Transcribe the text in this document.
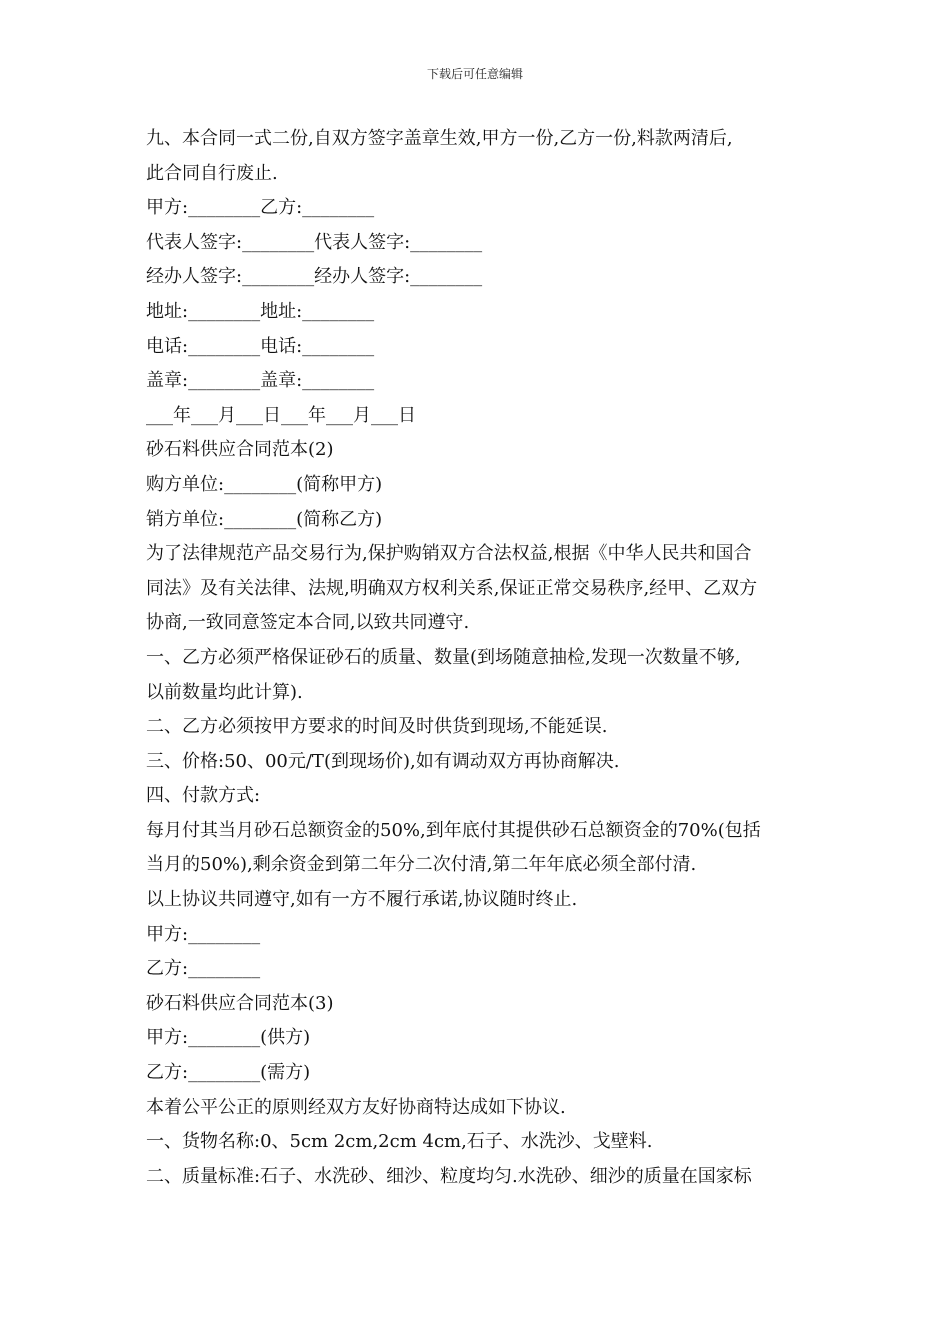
下载后可任意编辑
九、本合同一式二份,自双方签字盖章生效,甲方一份,乙方一份,料款两清后,
此合同自行废止.
甲方:________乙方:________
代表人签字:________代表人签字:________
经办人签字:________经办人签字:________
地址:________地址:________
电话:________电话:________
盖章:________盖章:________
___年___月___日___年___月___日
砂石料供应合同范本(2)
购方单位:________(简称甲方)
销方单位:________(简称乙方)
为了法律规范产品交易行为,保护购销双方合法权益,根据《中华人民共和国合
同法》及有关法律、法规,明确双方权利关系,保证正常交易秩序,经甲、乙双方
协商,一致同意签定本合同,以致共同遵守.
一、乙方必须严格保证砂石的质量、数量(到场随意抽检,发现一次数量不够,
以前数量均此计算).
二、乙方必须按甲方要求的时间及时供货到现场,不能延误.
三、价格:50、00元/T(到现场价),如有调动双方再协商解决.
四、付款方式:
每月付其当月砂石总额资金的50%,到年底付其提供砂石总额资金的70%(包括
当月的50%),剩余资金到第二年分二次付清,第二年年底必须全部付清.
以上协议共同遵守,如有一方不履行承诺,协议随时终止.
甲方:________
乙方:________
砂石料供应合同范本(3)
甲方:________(供方)
乙方:________(需方)
本着公平公正的原则经双方友好协商特达成如下协议.
一、货物名称:0、5cm 2cm,2cm 4cm,石子、水洗沙、戈壁料.
二、质量标准:石子、水洗砂、细沙、粒度均匀.水洗砂、细沙的质量在国家标
